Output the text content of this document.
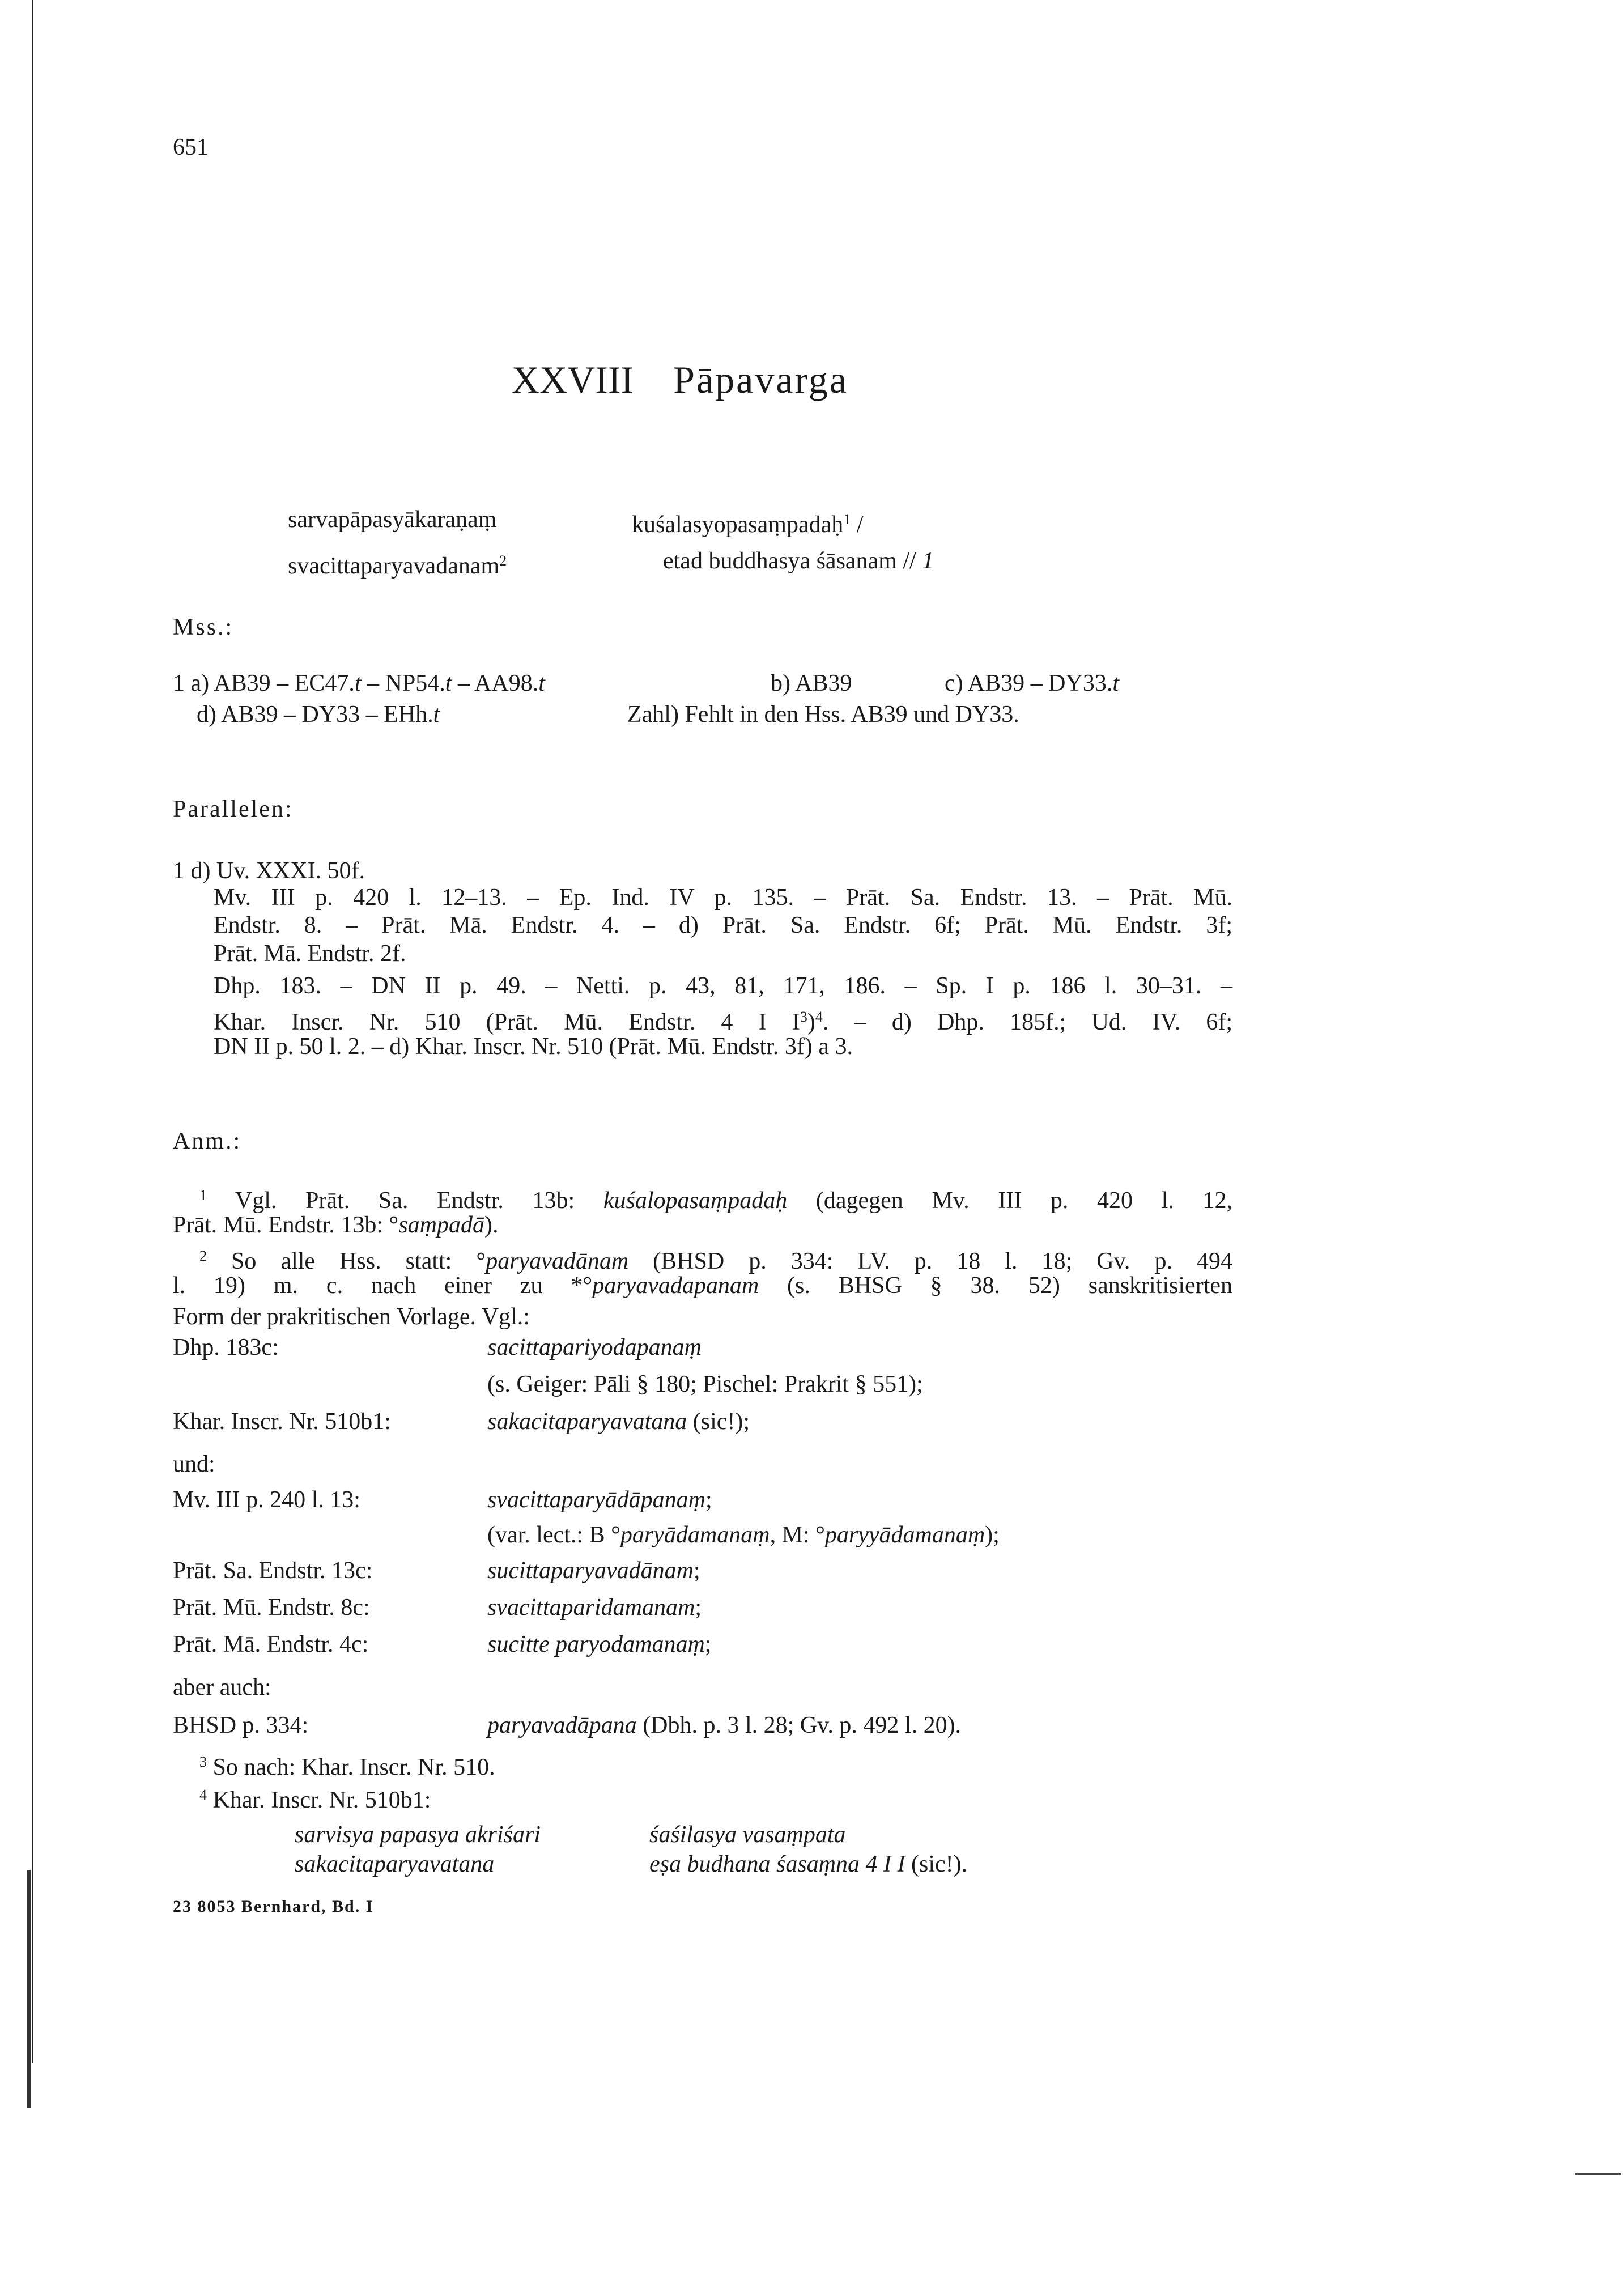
651
XXVIII Pāpavarga
Mss.:
Parallelen:
Anm.:
23 8053 Bernhard, Bd. I
sarvapāpasyākaraṇaṃ	kuśalasyopasaṃpadaḥ$^1$ /
svacittaparyavadanam$^2$	etad buddhasya śāsanam // 1
1 a) AB39 – EC47.t – NP54.t – AA98.t	b) AB39	c) AB39 – DY33.t
d) AB39 – DY33 – EHh.t	Zahl) Fehlt in den Hss. AB39 und DY33.
1 d) Uv. XXXI. 50f.
Mv. III p. 420 l. 12–13. – Ep. Ind. IV p. 135. – Prāt. Sa. Endstr. 13. – Prāt. Mū.
Endstr. 8. – Prāt. Mā. Endstr. 4. – d) Prāt. Sa. Endstr. 6f; Prāt. Mū. Endstr. 3f;
Prāt. Mā. Endstr. 2f.
Dhp. 183. – DN II p. 49. – Netti. p. 43, 81, 171, 186. – Sp. I p. 186 l. 30–31. –
Khar. Inscr. Nr. 510 (Prāt. Mū. Endstr. 4 I $I^3)^4$. – d) Dhp. 185f.; Ud. IV. 6f;
DN II p. 50 l. 2. – d) Khar. Inscr. Nr. 510 (Prāt. Mū. Endstr. 3f) a 3.
$^1$ Vgl. Prāt. Sa. Endstr. 13b: kuśalopasaṃpadaḥ (dagegen Mv. III p. 420 l. 12,
Prāt. Mū. Endstr. 13b: °saṃpadā).
$^2$ So alle Hss. statt: °paryavadānam (BHSD p. 334: LV. p. 18 l. 18; Gv. p. 494
l. 19) m. c. nach einer zu *°paryavadapanam (s. BHSG § 38. 52) sanskritisierten
Form der prakritischen Vorlage. Vgl.:
$^3$ So nach: Khar. Inscr. Nr. 510.
$^4$ Khar. Inscr. Nr. 510b1:
sarvisya papasya akriśari	śaśilasya vasaṃpata
sakacitaparyavatana	eṣa budhana śasaṃna 4 I I (sic!).
Dhp. 183c:	sacittapariyodapanaṃ
(s. Geiger: Pāli § 180; Pischel: Prakrit § 551);
Khar. Inscr. Nr. 510b1:	sakacitaparyavatana (sic!);
und:
Mv. III p. 240 l. 13:	svacittaparyādāpanaṃ;
(var. lect.: B °paryādamanaṃ, M: °paryyādamanaṃ);
Prāt. Sa. Endstr. 13c:	sucittaparyavadānam;
Prāt. Mū. Endstr. 8c:	svacittaparidamanam;
Prāt. Mā. Endstr. 4c:	sucitte paryodamanaṃ;
aber auch:
BHSD p. 334:	paryavadāpana (Dbh. p. 3 l. 28; Gv. p. 492 l. 20).
